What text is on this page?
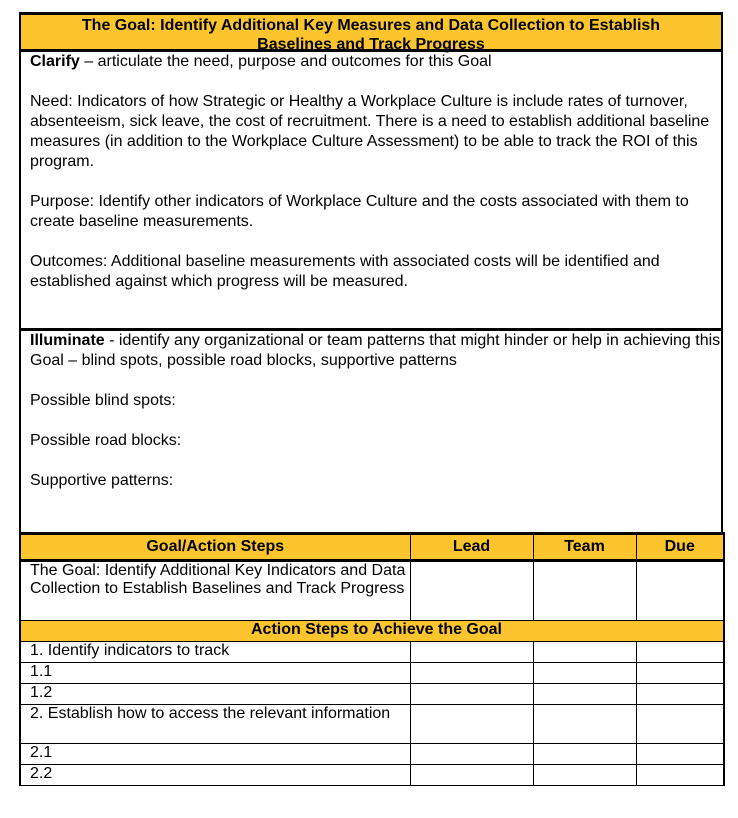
The Goal: Identify Additional Key Measures and Data Collection to Establish
Baselines and Track Progress

Clarify – articulate the need, purpose and outcomes for this Goal

Need: Indicators of how Strategic or Healthy a Workplace Culture is include rates of turnover, absenteeism, sick leave, the cost of recruitment. There is a need to establish additional baseline measures (in addition to the Workplace Culture Assessment) to be able to track the ROI of this program.

Purpose: Identify other indicators of Workplace Culture and the costs associated with them to create baseline measurements.

Outcomes: Additional baseline measurements with associated costs will be identified and established against which progress will be measured.

Illuminate - identify any organizational or team patterns that might hinder or help in achieving this Goal – blind spots, possible road blocks, supportive patterns

Possible blind spots:

Possible road blocks:

Supportive patterns:

Goal/Action Steps	Lead	Team	Due
The Goal: Identify Additional Key Indicators and Data Collection to Establish Baselines and Track Progress			
Action Steps to Achieve the Goal			
1. Identify indicators to track			
1.1			
1.2			
2. Establish how to access the relevant information			
2.1			
2.2			
